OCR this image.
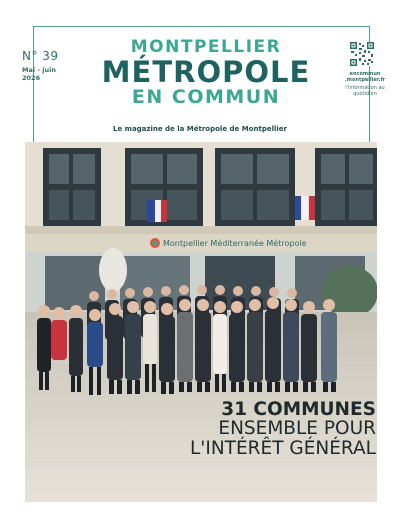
N° 39
Mai - juin 2026
MONTPELLIER
MÉTROPOLE
EN COMMUN
Le magazine de la Métropole de Montpellier
encommun .montpellier.fr
l'information au quotidien
Montpellier Méditerranée Métropole
31 COMMUNES
ENSEMBLE POUR
L'INTÉRÊT GÉNÉRAL
